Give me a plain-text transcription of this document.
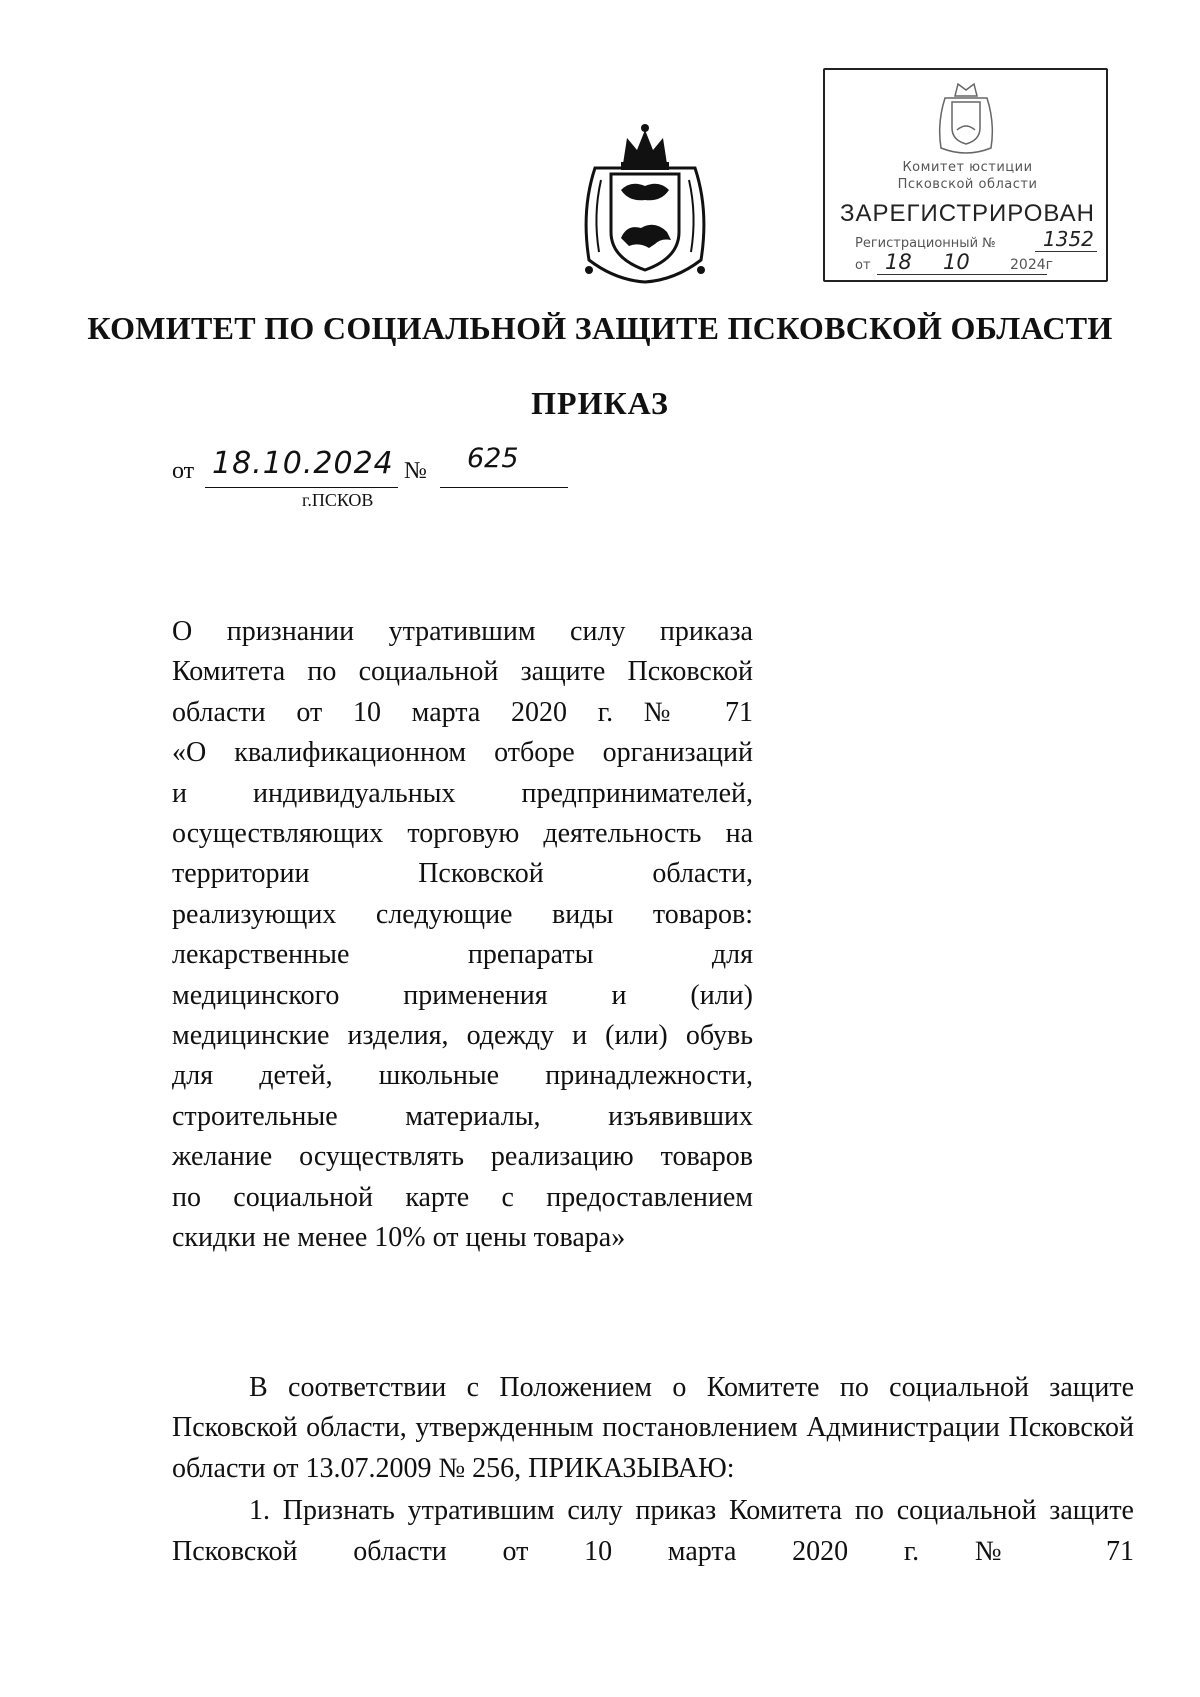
Комитет юстиции
Псковской области
ЗАРЕГИСТРИРОВАН
Регистрационный № 1352
от 18 10	2024г
КОМИТЕТ ПО СОЦИАЛЬНОЙ ЗАЩИТЕ ПСКОВСКОЙ ОБЛАСТИ
ПРИКАЗ
от 18.10.2024 № 625
г.ПСКОВ
О признании утратившим силу приказа
Комитета по социальной защите Псковской
области от 10 марта 2020 г. № 71
«О квалификационном отборе организаций
и индивидуальных предпринимателей,
осуществляющих торговую деятельность на
территории Псковской области,
реализующих следующие виды товаров:
лекарственные препараты для
медицинского применения и (или)
медицинские изделия, одежду и (или) обувь
для детей, школьные принадлежности,
строительные материалы, изъявивших
желание осуществлять реализацию товаров
по социальной карте с предоставлением
скидки не менее 10% от цены товара»
В соответствии с Положением о Комитете по социальной защите Псковской области, утвержденным постановлением Администрации Псковской области от 13.07.2009 № 256, ПРИКАЗЫВАЮ:
1. Признать утратившим силу приказ Комитета по социальной защите Псковской области от 10 марта 2020 г. № 71
